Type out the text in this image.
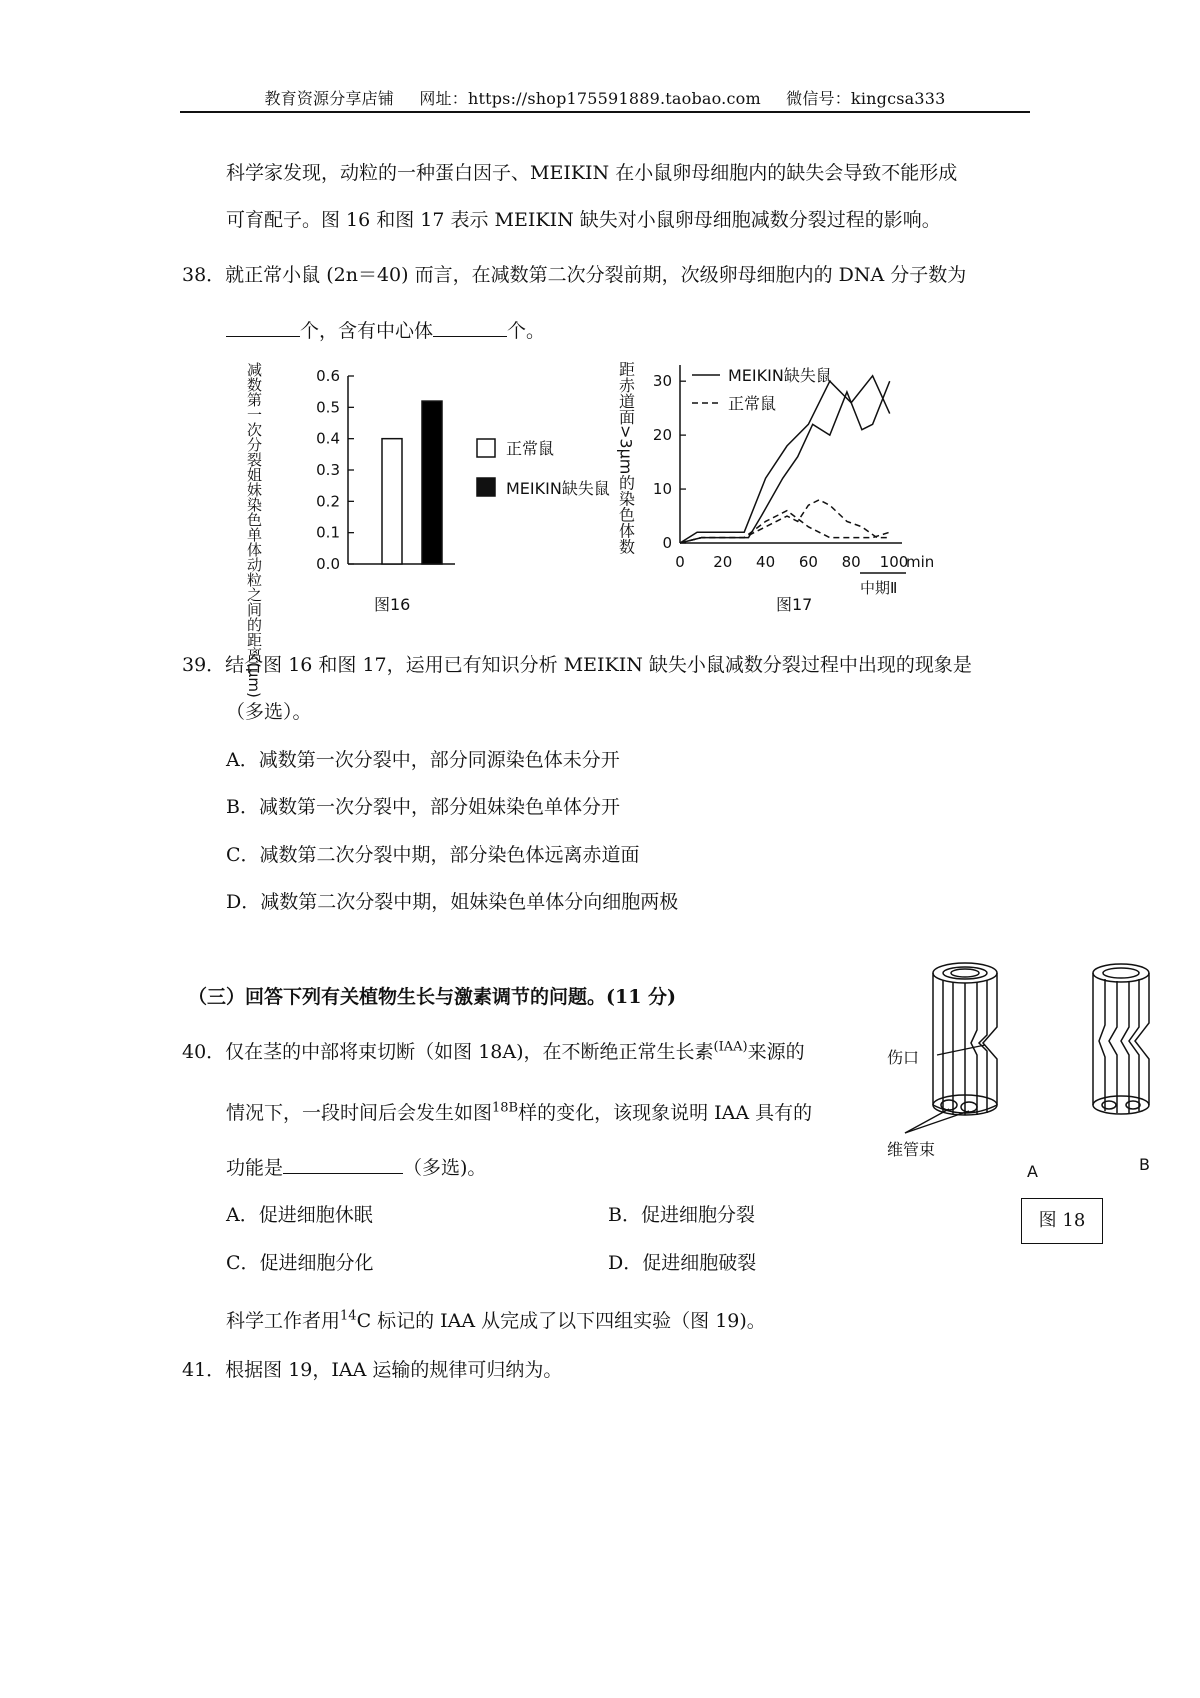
教育资源分享店铺 网址：https://shop175591889.taobao.com 微信号：kingcsa333
科学家发现，动粒的一种蛋白因子、MEIKIN 在小鼠卵母细胞内的缺失会导致不能形成
可育配子。图 16 和图 17 表示 MEIKIN 缺失对小鼠卵母细胞减数分裂过程的影响。
38．就正常小鼠 (2n＝40) 而言，在减数第二次分裂前期，次级卵母细胞内的 DNA 分子数为
个，含有中心体	个。
减数第一次分裂姐妹染色单体动粒之间的距离(μm)	0.6
0.5
0.4
0.3
0.2
0.1
0.0
正常鼠
MEIKIN缺失鼠
图16
距赤道面>3μm的染色体数 30
20
10
0
0 20 40 60 80 100
MEIKIN缺失鼠
正常鼠
min
中期Ⅱ
图17
39．结合图 16 和图 17，运用已有知识分析 MEIKIN 缺失小鼠减数分裂过程中出现的现象是
（多选）。
A．减数第一次分裂中，部分同源染色体未分开
B．减数第一次分裂中，部分姐妹染色单体分开
C．减数第二次分裂中期，部分染色体远离赤道面
D．减数第二次分裂中期，姐妹染色单体分向细胞两极
（三）回答下列有关植物生长与激素调节的问题。(11 分)
40．仅在茎的中部将束切断（如图 18A)，在不断绝正常生长素$^{(IAA)}$来源的
情况下，一段时间后会发生如图$^{18B}$样的变化，该现象说明 IAA 具有的
功能是	（多选)。
A．促进细胞休眠	B．促进细胞分裂
C．促进细胞分化	D．促进细胞破裂
伤口
维管束
A	B
图 18
科学工作者用$^{14}$C 标记的 IAA 从完成了以下四组实验（图 19)。
41．根据图 19，IAA 运输的规律可归纳为。
